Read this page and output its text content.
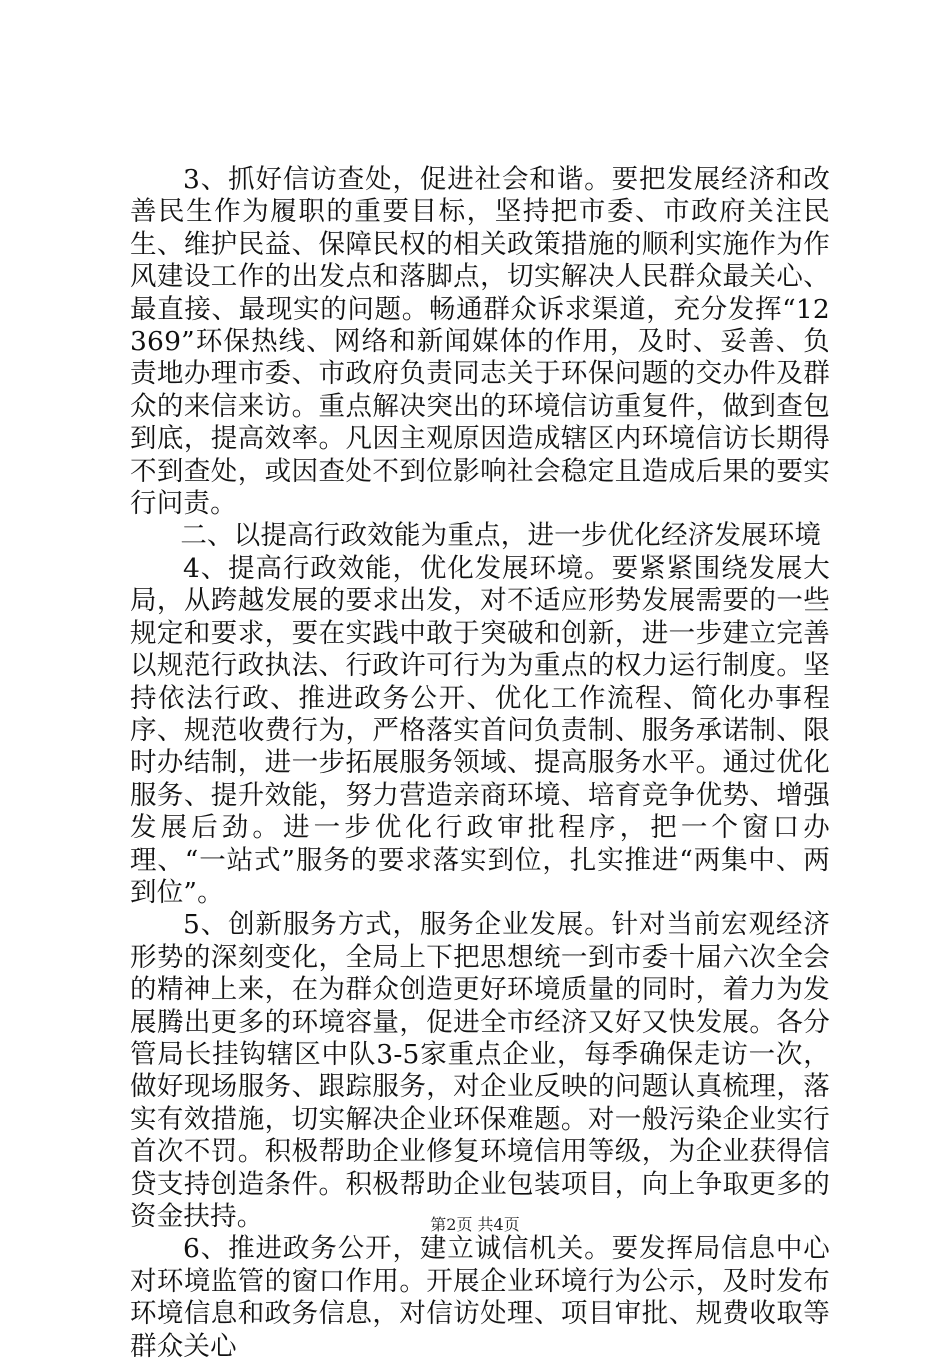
3、抓好信访查处，促进社会和谐。要把发展经济和改善民生作为履职的重要目标，坚持把市委、市政府关注民生、维护民益、保障民权的相关政策措施的顺利实施作为作风建设工作的出发点和落脚点，切实解决人民群众最关心、最直接、最现实的问题。畅通群众诉求渠道，充分发挥“12369”环保热线、网络和新闻媒体的作用，及时、妥善、负责地办理市委、市政府负责同志关于环保问题的交办件及群众的来信来访。重点解决突出的环境信访重复件，做到查包到底，提高效率。凡因主观原因造成辖区内环境信访长期得不到查处，或因查处不到位影响社会稳定且造成后果的要实行问责。

二、以提高行政效能为重点，进一步优化经济发展环境

4、提高行政效能，优化发展环境。要紧紧围绕发展大局，从跨越发展的要求出发，对不适应形势发展需要的一些规定和要求，要在实践中敢于突破和创新，进一步建立完善以规范行政执法、行政许可行为为重点的权力运行制度。坚持依法行政、推进政务公开、优化工作流程、简化办事程序、规范收费行为，严格落实首问负责制、服务承诺制、限时办结制，进一步拓展服务领域、提高服务水平。通过优化服务、提升效能，努力营造亲商环境、培育竞争优势、增强发展后劲。进一步优化行政审批程序，把一个窗口办理、“一站式”服务的要求落实到位，扎实推进“两集中、两到位”。

5、创新服务方式，服务企业发展。针对当前宏观经济形势的深刻变化，全局上下把思想统一到市委十届六次全会的精神上来，在为群众创造更好环境质量的同时，着力为发展腾出更多的环境容量，促进全市经济又好又快发展。各分管局长挂钩辖区中队3-5家重点企业，每季确保走访一次，做好现场服务、跟踪服务，对企业反映的问题认真梳理，落实有效措施，切实解决企业环保难题。对一般污染企业实行首次不罚。积极帮助企业修复环境信用等级，为企业获得信贷支持创造条件。积极帮助企业包装项目，向上争取更多的资金扶持。

6、推进政务公开，建立诚信机关。要发挥局信息中心对环境监管的窗口作用。开展企业环境行为公示，及时发布环境信息和政务信息，对信访处理、项目审批、规费收取等群众关心

第2页 共4页
